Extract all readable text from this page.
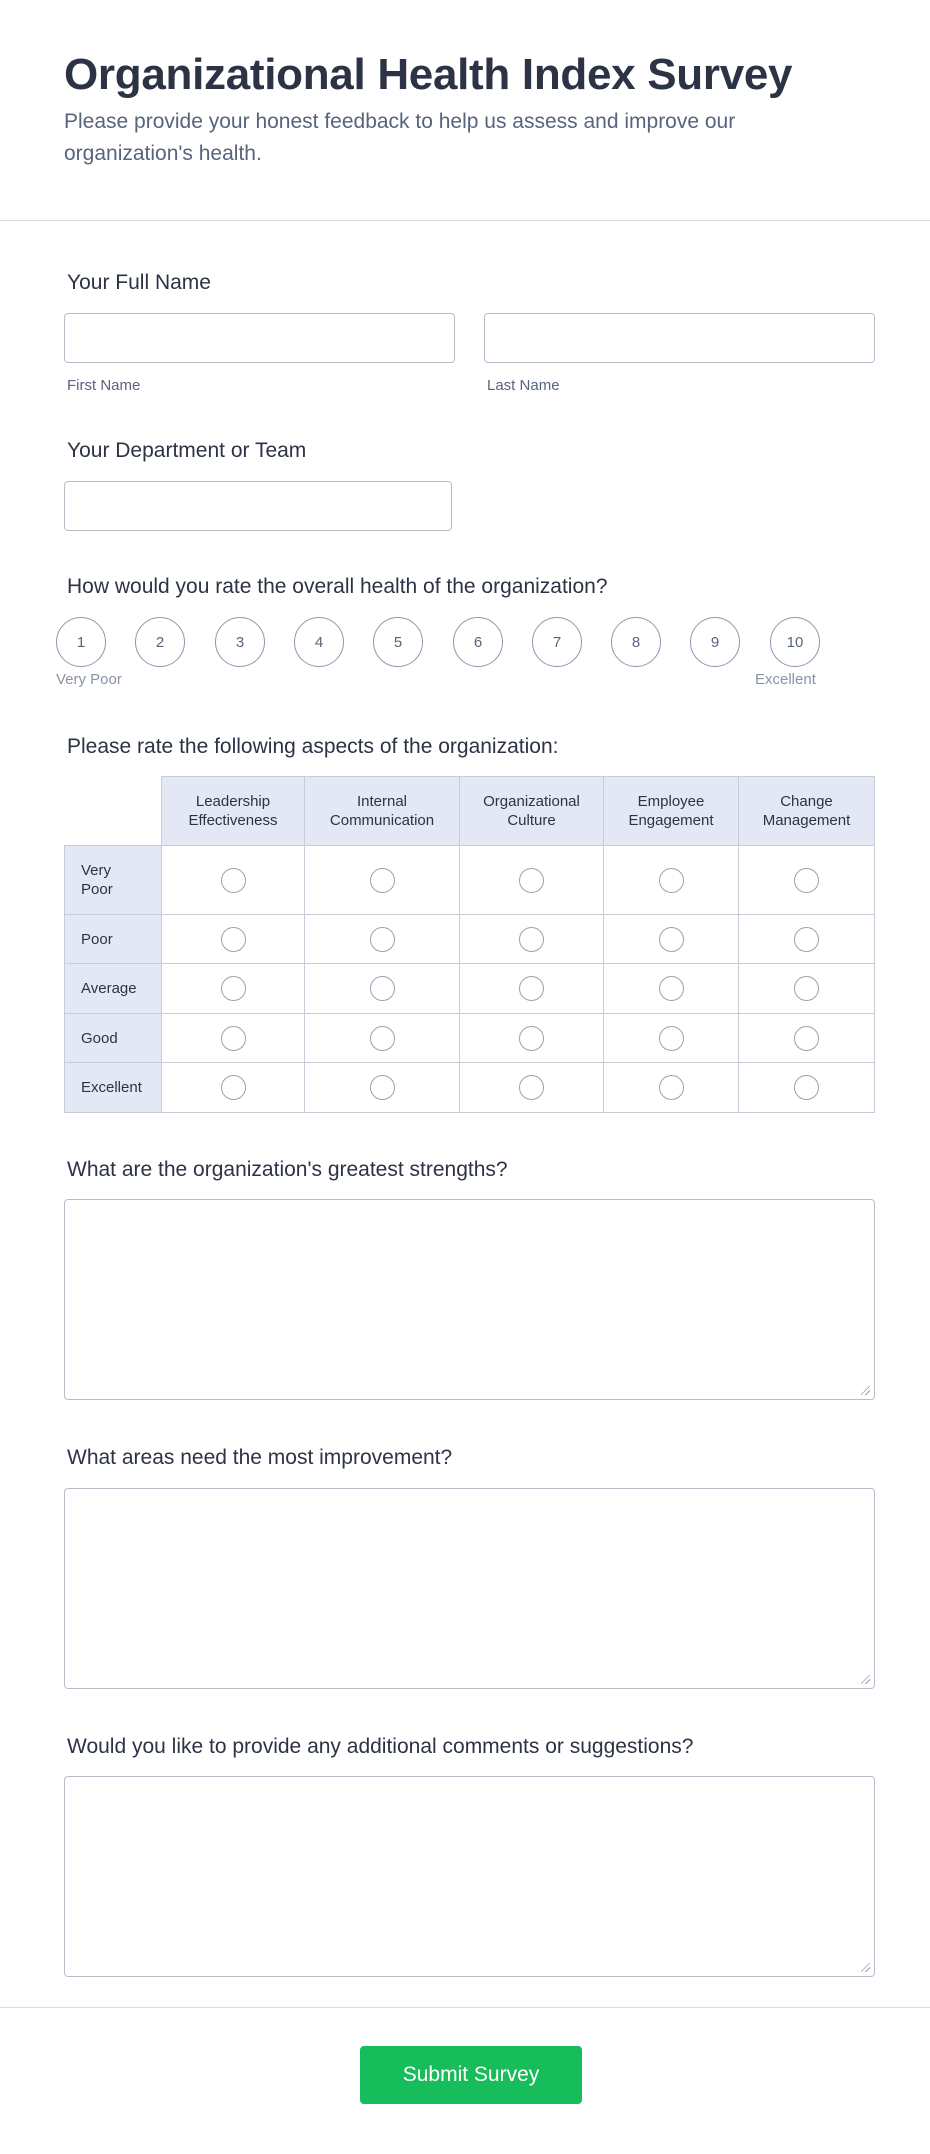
Organizational Health Index Survey

Please provide your honest feedback to help us assess and improve our organization's health.

Your Full Name
First Name	Last Name
Your Department or Team
How would you rate the overall health of the organization?
1	2	3	4	5	6	7	8	9	10
Very Poor	Excellent
Please rate the following aspects of the organization:
	Leadership Effectiveness	Internal Communication	Organizational Culture	Employee Engagement	Change Management
Very Poor					
Poor					
Average					
Good					
Excellent					
What are the organization's greatest strengths?
What areas need the most improvement?
Would you like to provide any additional comments or suggestions?
Submit Survey
